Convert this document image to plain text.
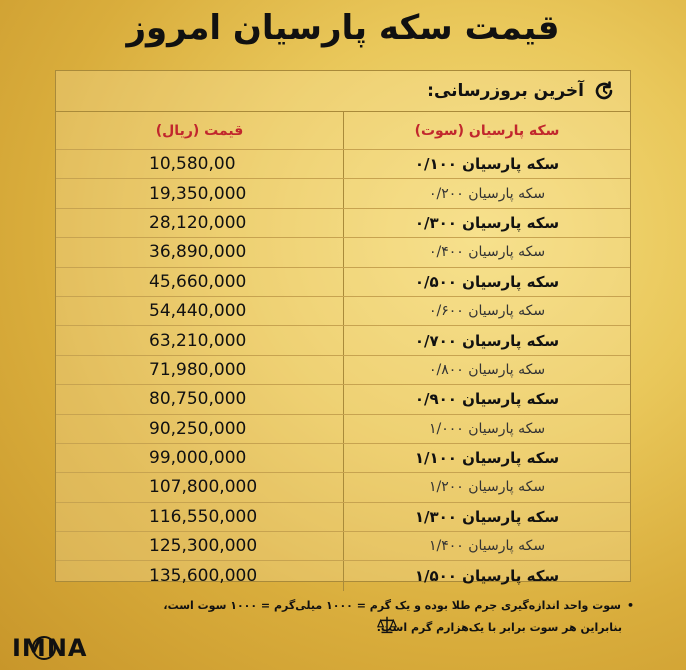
قیمت سکه پارسیان امروز
آخرین بروزرسانی:
قیمت (ریال)	سکه پارسیان (سوت)
10,580,00	سکه پارسیان ۰/۱۰۰
19,350,000	سکه پارسیان ۰/۲۰۰
28,120,000	سکه پارسیان ۰/۳۰۰
36,890,000	سکه پارسیان ۰/۴۰۰
45,660,000	سکه پارسیان ۰/۵۰۰
54,440,000	سکه پارسیان ۰/۶۰۰
63,210,000	سکه پارسیان ۰/۷۰۰
71,980,000	سکه پارسیان ۰/۸۰۰
80,750,000	سکه پارسیان ۰/۹۰۰
90,250,000	سکه پارسیان ۱/۰۰۰
99,000,000	سکه پارسیان ۱/۱۰۰
107,800,000	سکه پارسیان ۱/۲۰۰
116,550,000	سکه پارسیان ۱/۳۰۰
125,300,000	سکه پارسیان ۱/۴۰۰
135,600,000	سکه پارسیان ۱/۵۰۰
•سوت واحد اندازه‌گیری جرم طلا بوده و یک گرم = ۱۰۰۰ میلی‌گرم = ۱۰۰۰ سوت است،
بنابراین هر سوت برابر با یک‌هزارم گرم است.
IMNA
